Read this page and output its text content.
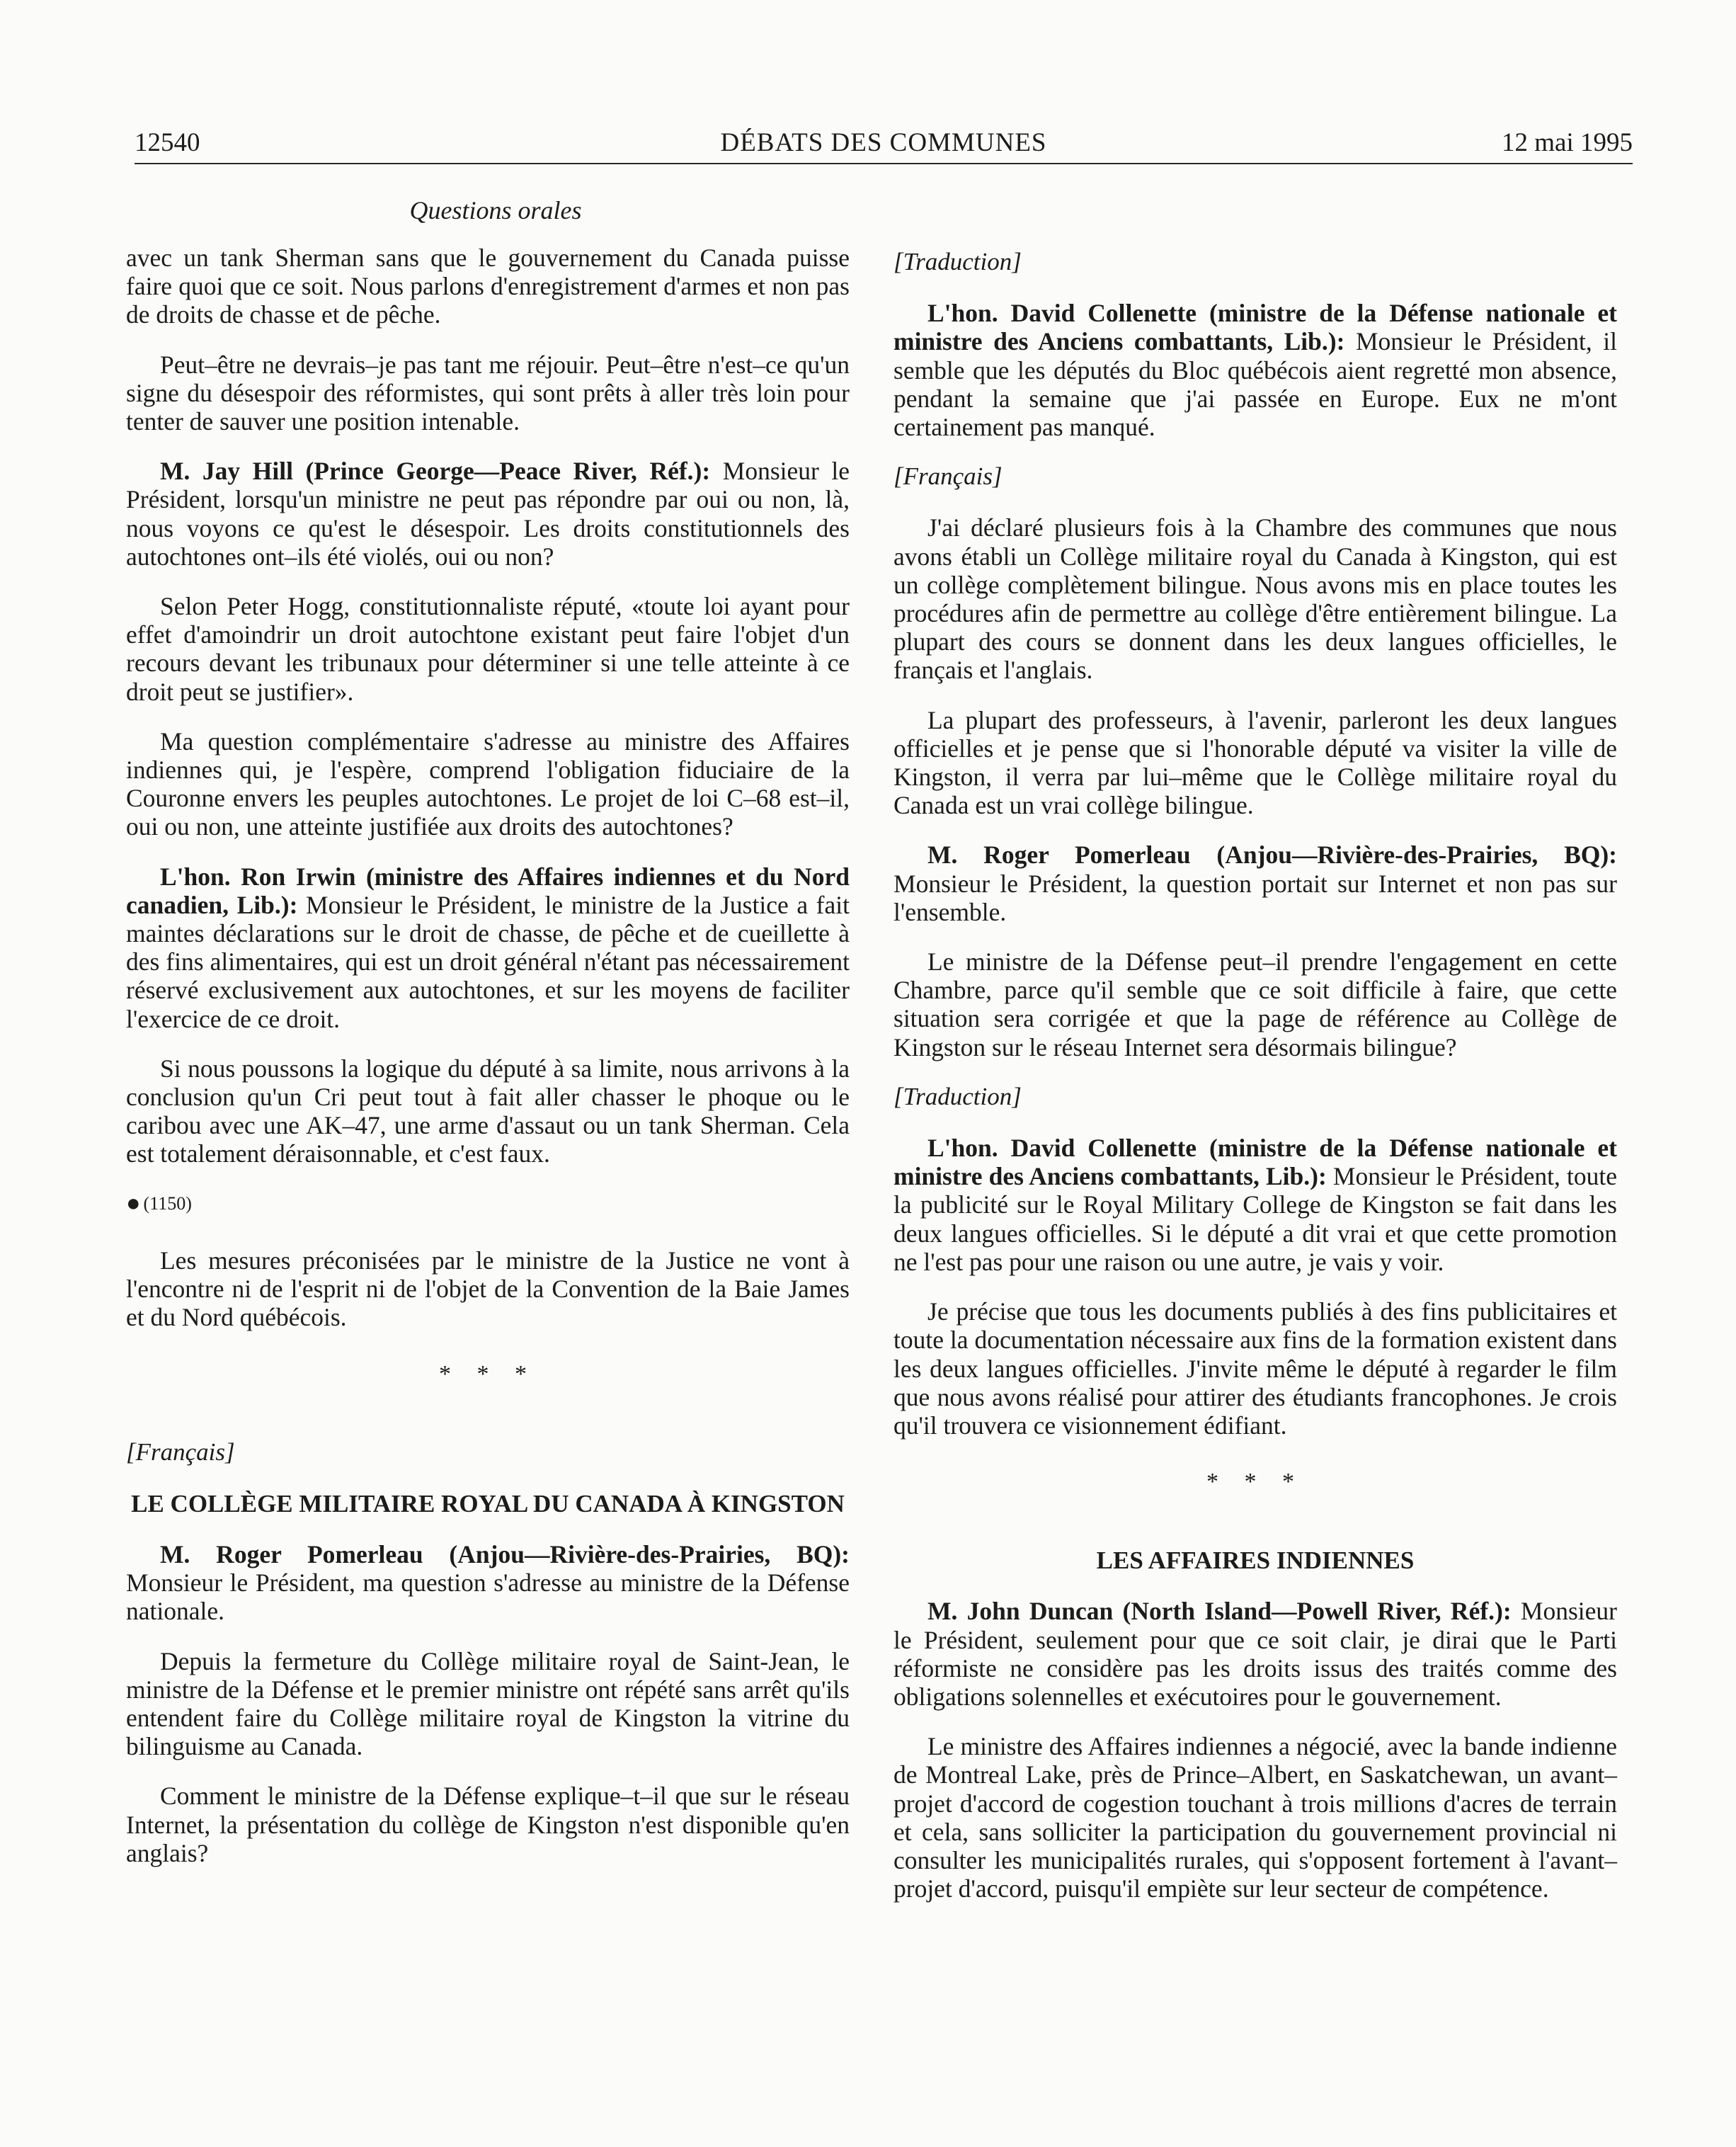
12540	DÉBATS DES COMMUNES	12 mai 1995
Questions orales

avec un tank Sherman sans que le gouvernement du Canada puisse faire quoi que ce soit. Nous parlons d'enregistrement d'armes et non pas de droits de chasse et de pêche.

Peut–être ne devrais–je pas tant me réjouir. Peut–être n'est–ce qu'un signe du désespoir des réformistes, qui sont prêts à aller très loin pour tenter de sauver une position intenable.

M. Jay Hill (Prince George—Peace River, Réf.): Monsieur le Président, lorsqu'un ministre ne peut pas répondre par oui ou non, là, nous voyons ce qu'est le désespoir. Les droits constitutionnels des autochtones ont–ils été violés, oui ou non?

Selon Peter Hogg, constitutionnaliste réputé, «toute loi ayant pour effet d'amoindrir un droit autochtone existant peut faire l'objet d'un recours devant les tribunaux pour déterminer si une telle atteinte à ce droit peut se justifier».

Ma question complémentaire s'adresse au ministre des Affaires indiennes qui, je l'espère, comprend l'obligation fiduciaire de la Couronne envers les peuples autochtones. Le projet de loi C–68 est–il, oui ou non, une atteinte justifiée aux droits des autochtones?

L'hon. Ron Irwin (ministre des Affaires indiennes et du Nord canadien, Lib.): Monsieur le Président, le ministre de la Justice a fait maintes déclarations sur le droit de chasse, de pêche et de cueillette à des fins alimentaires, qui est un droit général n'étant pas nécessairement réservé exclusivement aux autochtones, et sur les moyens de faciliter l'exercice de ce droit.

Si nous poussons la logique du député à sa limite, nous arrivons à la conclusion qu'un Cri peut tout à fait aller chasser le phoque ou le caribou avec une AK–47, une arme d'assaut ou un tank Sherman. Cela est totalement déraisonnable, et c'est faux.

● (1150)

Les mesures préconisées par le ministre de la Justice ne vont à l'encontre ni de l'esprit ni de l'objet de la Convention de la Baie James et du Nord québécois.

* * *
[Français]
LE COLLÈGE MILITAIRE ROYAL DU CANADA À KINGSTON

M. Roger Pomerleau (Anjou—Rivière-des-Prairies, BQ): Monsieur le Président, ma question s'adresse au ministre de la Défense nationale.

Depuis la fermeture du Collège militaire royal de Saint-Jean, le ministre de la Défense et le premier ministre ont répété sans arrêt qu'ils entendent faire du Collège militaire royal de Kingston la vitrine du bilinguisme au Canada.

Comment le ministre de la Défense explique–t–il que sur le réseau Internet, la présentation du collège de Kingston n'est disponible qu'en anglais?

[Traduction]

L'hon. David Collenette (ministre de la Défense nationale et ministre des Anciens combattants, Lib.): Monsieur le Président, il semble que les députés du Bloc québécois aient regretté mon absence, pendant la semaine que j'ai passée en Europe. Eux ne m'ont certainement pas manqué.

[Français]

J'ai déclaré plusieurs fois à la Chambre des communes que nous avons établi un Collège militaire royal du Canada à Kingston, qui est un collège complètement bilingue. Nous avons mis en place toutes les procédures afin de permettre au collège d'être entièrement bilingue. La plupart des cours se donnent dans les deux langues officielles, le français et l'anglais.

La plupart des professeurs, à l'avenir, parleront les deux langues officielles et je pense que si l'honorable député va visiter la ville de Kingston, il verra par lui–même que le Collège militaire royal du Canada est un vrai collège bilingue.

M. Roger Pomerleau (Anjou—Rivière-des-Prairies, BQ): Monsieur le Président, la question portait sur Internet et non pas sur l'ensemble.

Le ministre de la Défense peut–il prendre l'engagement en cette Chambre, parce qu'il semble que ce soit difficile à faire, que cette situation sera corrigée et que la page de référence au Collège de Kingston sur le réseau Internet sera désormais bilingue?

[Traduction]

L'hon. David Collenette (ministre de la Défense nationale et ministre des Anciens combattants, Lib.): Monsieur le Président, toute la publicité sur le Royal Military College de Kingston se fait dans les deux langues officielles. Si le député a dit vrai et que cette promotion ne l'est pas pour une raison ou une autre, je vais y voir.

Je précise que tous les documents publiés à des fins publicitaires et toute la documentation nécessaire aux fins de la formation existent dans les deux langues officielles. J'invite même le député à regarder le film que nous avons réalisé pour attirer des étudiants francophones. Je crois qu'il trouvera ce visionnement édifiant.

* * *
LES AFFAIRES INDIENNES

M. John Duncan (North Island—Powell River, Réf.): Monsieur le Président, seulement pour que ce soit clair, je dirai que le Parti réformiste ne considère pas les droits issus des traités comme des obligations solennelles et exécutoires pour le gouvernement.

Le ministre des Affaires indiennes a négocié, avec la bande indienne de Montreal Lake, près de Prince–Albert, en Saskatchewan, un avant–projet d'accord de cogestion touchant à trois millions d'acres de terrain et cela, sans solliciter la participation du gouvernement provincial ni consulter les municipalités rurales, qui s'opposent fortement à l'avant–projet d'accord, puisqu'il empiète sur leur secteur de compétence.
